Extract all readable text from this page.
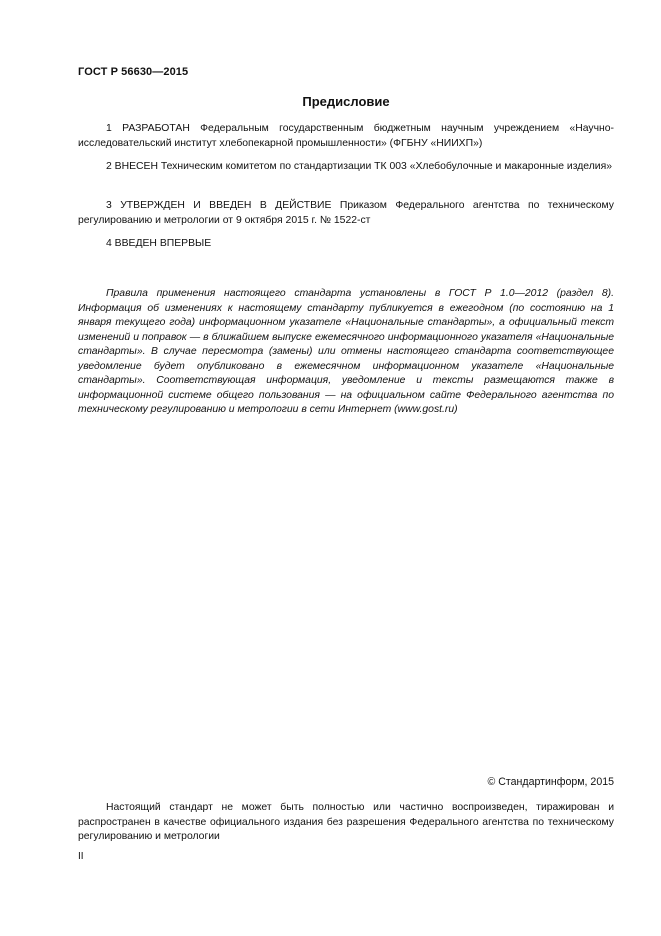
ГОСТ Р 56630—2015
Предисловие
1 РАЗРАБОТАН Федеральным государственным бюджетным научным учреждением «Научно-исследовательский институт хлебопекарной промышленности» (ФГБНУ «НИИХП»)
2 ВНЕСЕН Техническим комитетом по стандартизации ТК 003 «Хлебобулочные и макаронные изделия»
3 УТВЕРЖДЕН И ВВЕДЕН В ДЕЙСТВИЕ Приказом Федерального агентства по техническому регулированию и метрологии от 9 октября 2015 г. № 1522-ст
4 ВВЕДЕН ВПЕРВЫЕ
Правила применения настоящего стандарта установлены в ГОСТ Р 1.0—2012 (раздел 8). Информация об изменениях к настоящему стандарту публикуется в ежегодном (по состоянию на 1 января текущего года) информационном указателе «Национальные стандарты», а официальный текст изменений и поправок — в ближайшем выпуске ежемесячного информационного указателя «Национальные стандарты». В случае пересмотра (замены) или отмены настоящего стандарта соответствующее уведомление будет опубликовано в ежемесячном информационном указателе «Национальные стандарты». Соответствующая информация, уведомление и тексты размещаются также в информационной системе общего пользования — на официальном сайте Федерального агентства по техническому регулированию и метрологии в сети Интернет (www.gost.ru)
© Стандартинформ, 2015
Настоящий стандарт не может быть полностью или частично воспроизведен, тиражирован и распространен в качестве официального издания без разрешения Федерального агентства по техническому регулированию и метрологии
II
